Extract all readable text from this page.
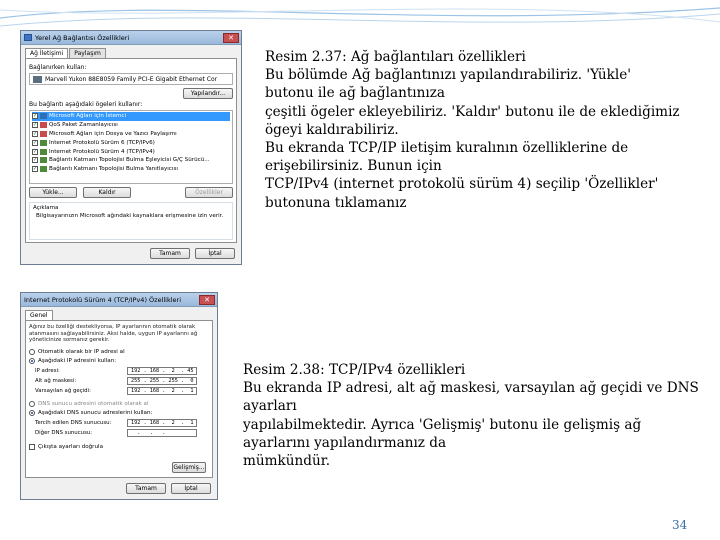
Yerel Ağ Bağlantısı Özellikleri	✕
Ağ İletişimi	Paylaşım
Bağlanırken kullan:
Marvell Yukon 88E8059 Family PCI-E Gigabit Ethernet Cor
Yapılandır...
Bu bağlantı aşağıdaki ögeleri kullanır:
✓ Microsoft Ağları için İstemci
✓ QoS Paket Zamanlayıcısı
✓ Microsoft Ağları için Dosya ve Yazıcı Paylaşımı
✓ Internet Protokolü Sürüm 6 (TCP/IPv6)
✓ Internet Protokolü Sürüm 4 (TCP/IPv4)
✓ Bağlantı Katmanı Topolojisi Bulma Eşleyicisi G/Ç Sürücü...
✓ Bağlantı Katmanı Topolojisi Bulma Yanıtlayıcısı
Yükle...	Kaldır	Özellikler
Açıklama
Bilgisayarınızın Microsoft ağındaki kaynaklara erişmesine izin verir.
Tamam	İptal
Resim 2.37: Ağ bağlantıları özellikleri
Bu bölümde Ağ bağlantınızı yapılandırabiliriz. 'Yükle'
butonu ile ağ bağlantınıza
çeşitli ögeler ekleyebiliriz. 'Kaldır' butonu ile de eklediğimiz
ögeyi kaldırabiliriz.
Bu ekranda TCP/IP iletişim kuralının özelliklerine de
erişebilirsiniz. Bunun için
TCP/IPv4 (internet protokolü sürüm 4) seçilip 'Özellikler'
butonuna tıklamanız
Internet Protokolü Sürüm 4 (TCP/IPv4) Özellikleri	✕
Genel
Ağınız bu özelliği destekliyorsa, IP ayarlarının otomatik olarak atanmasını sağlayabilirsiniz. Aksi halde, uygun IP ayarlarını ağ yöneticinize sormanız gerekir.
Otomatik olarak bir IP adresi al
Aşağıdaki IP adresini kullan:
IP adresi:	192 . 168 .  2  . 45
Alt ağ maskesi:	255 . 255 . 255 .  0
Varsayılan ağ geçidi:	192 . 168 .  2  .  1
DNS sunucu adresini otomatik olarak al
Aşağıdaki DNS sunucu adreslerini kullan:
Tercih edilen DNS sunucusu:	192 . 168 .  2  .  1
Diğer DNS sunucusu:	.   .   .
Çıkışta ayarları doğrula
Gelişmiş...
Tamam	İptal
Resim 2.38: TCP/IPv4 özellikleri
Bu ekranda IP adresi, alt ağ maskesi, varsayılan ağ geçidi ve DNS
ayarları
yapılabilmektedir. Ayrıca 'Gelişmiş' butonu ile gelişmiş ağ
ayarlarını yapılandırmanız da
mümkündür.
34
